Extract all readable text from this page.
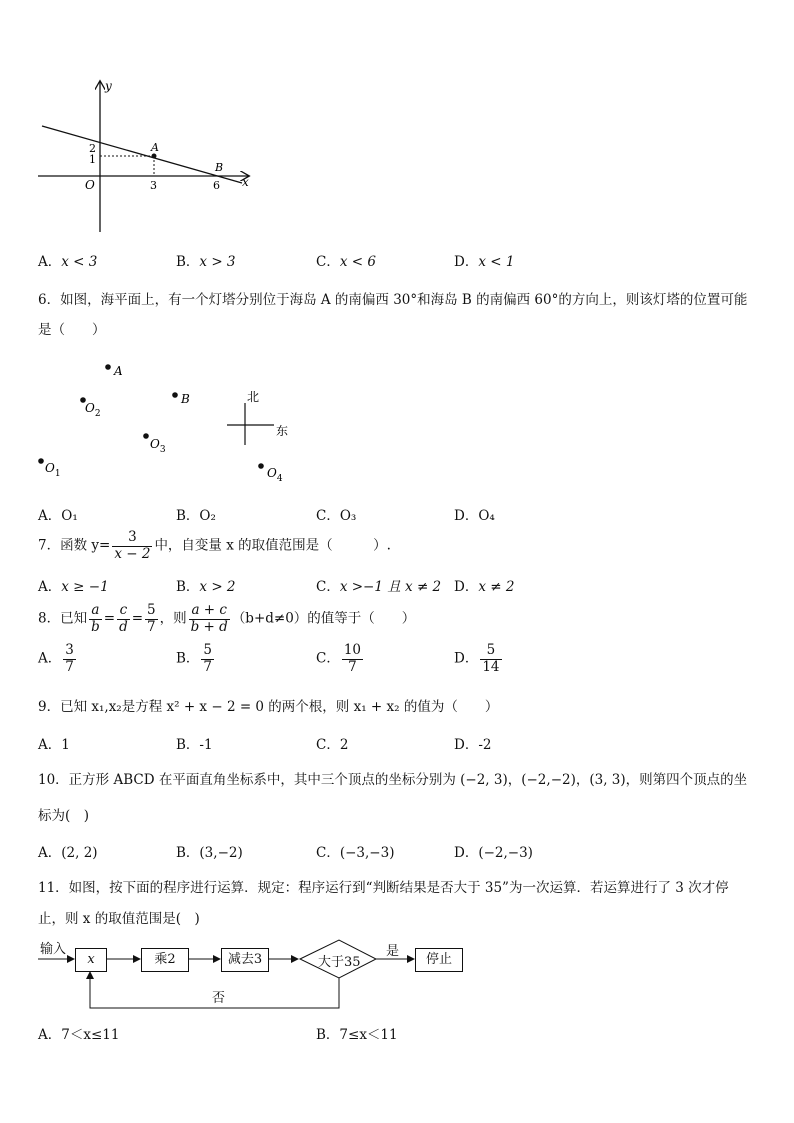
y
x
O
2
1
3	6
A
B
A．x < 3	B．x > 3	C．x < 6	D．x < 1
6．如图，海平面上，有一个灯塔分别位于海岛 A 的南偏西 30°和海岛 B 的南偏西 60°的方向上，则该灯塔的位置可能
是（　　）
A
B
$O_2$
$O_3$
$O_1$	$O_4$
北
东
A．O₁	B．O₂	C．O₃	D．O₄
7．函数 $y= \frac{3}{x - 2}$ 中，自变量 x 的取值范围是（　　　）.
A．x ≥ −1	B．x > 2	C．x >−1 且 x ≠ 2 D．x ≠ 2
8．已知 $\frac{a}{b} = \frac{c}{d} = \frac{5}{7}$ ，则 $\frac{a + c}{b + d} (b+d\ne 0)$的值等于（　　）
A． $\frac{3}{7}$	B． $\frac{5}{7}$	C． $\frac{10}{7}$	D． $\frac{5}{14}$
9．已知 x₁,x₂是方程 x² + x − 2 = 0 的两个根，则 x₁ + x₂ 的值为（　　）
A．1	B．-1	C．2	D．-2
10．正方形 ABCD 在平面直角坐标系中，其中三个顶点的坐标分别为 (−2, 3)，(−2,−2)，(3, 3)，则第四个顶点的坐
标为(　)
A．(2, 2)	B．(3,−2)	C．(−3,−3)	D．(−2,−3)
11．如图，按下面的程序进行运算．规定：程序运行到“判断结果是否大于 35”为一次运算．若运算进行了 3 次才停
止，则 x 的取值范围是(　)
输入
x	乘2	减去3	大于35
是
停止
否
A．7＜x≤11	B．7≤x＜11
